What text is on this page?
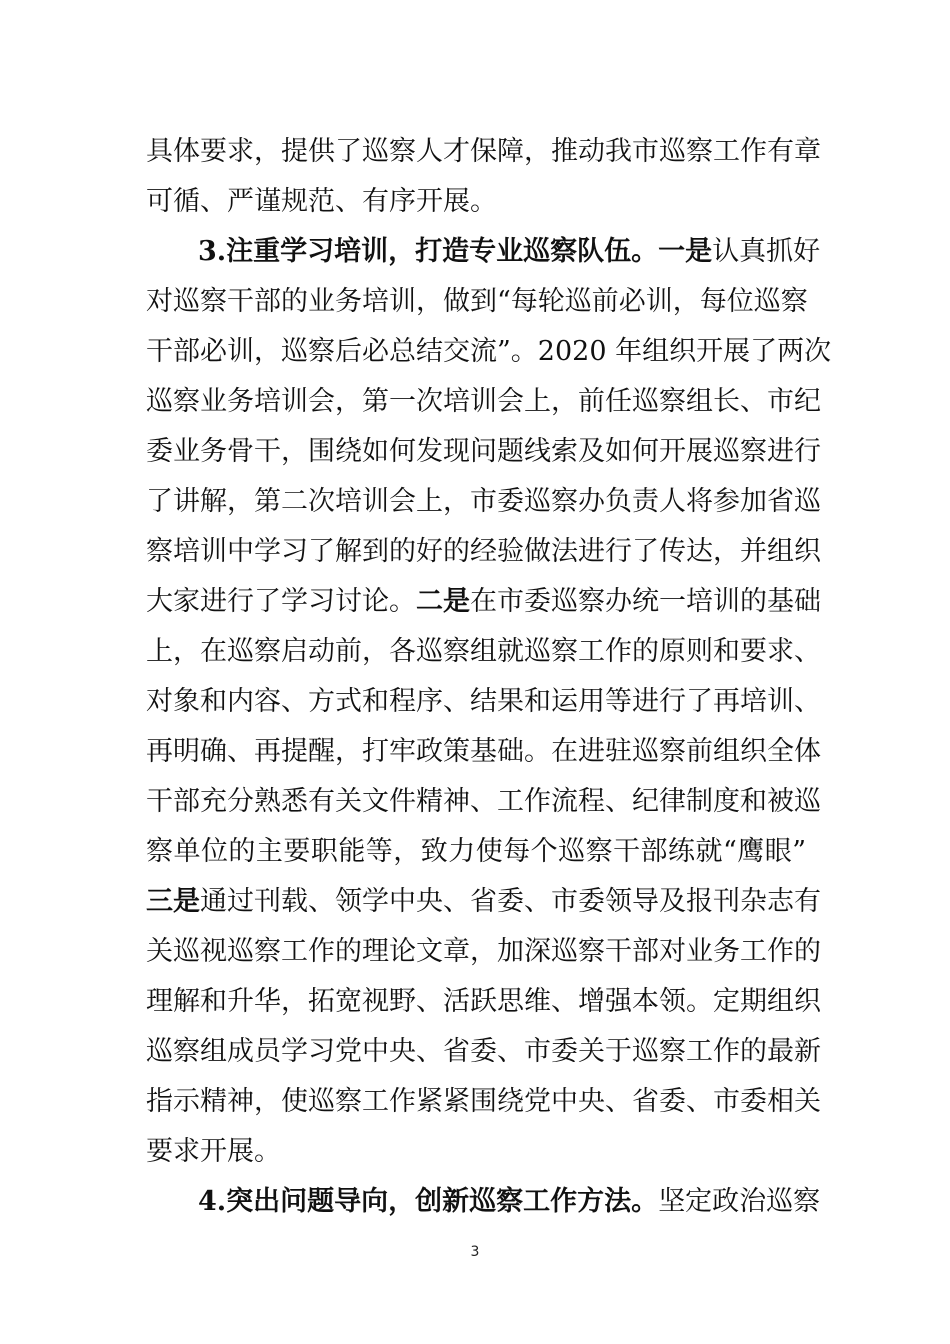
具体要求，提供了巡察人才保障，推动我市巡察工作有章
可循、严谨规范、有序开展。
3.注重学习培训，打造专业巡察队伍。一是认真抓好
对巡察干部的业务培训，做到“每轮巡前必训，每位巡察
干部必训，巡察后必总结交流”。2020 年组织开展了两次
巡察业务培训会，第一次培训会上，前任巡察组长、市纪
委业务骨干，围绕如何发现问题线索及如何开展巡察进行
了讲解，第二次培训会上，市委巡察办负责人将参加省巡
察培训中学习了解到的好的经验做法进行了传达，并组织
大家进行了学习讨论。二是在市委巡察办统一培训的基础
上，在巡察启动前，各巡察组就巡察工作的原则和要求、
对象和内容、方式和程序、结果和运用等进行了再培训、
再明确、再提醒，打牢政策基础。在进驻巡察前组织全体
干部充分熟悉有关文件精神、工作流程、纪律制度和被巡
察单位的主要职能等，致力使每个巡察干部练就“鹰眼”
三是通过刊载、领学中央、省委、市委领导及报刊杂志有
关巡视巡察工作的理论文章，加深巡察干部对业务工作的
理解和升华，拓宽视野、活跃思维、增强本领。定期组织
巡察组成员学习党中央、省委、市委关于巡察工作的最新
指示精神，使巡察工作紧紧围绕党中央、省委、市委相关
要求开展。
4.突出问题导向，创新巡察工作方法。坚定政治巡察
3
